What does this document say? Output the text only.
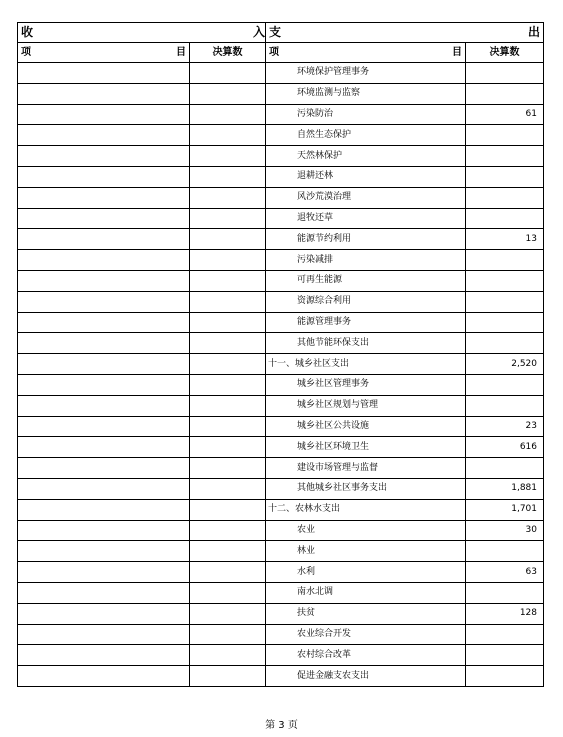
收 入		支 出	

项 目	决算数	项 目	决算数
		环境保护管理事务	
		环境监测与监察	
		污染防治	61
		自然生态保护	
		天然林保护	
		退耕还林	
		风沙荒漠治理	
		退牧还草	
		能源节约利用	13
		污染减排	
		可再生能源	
		资源综合利用	
		能源管理事务	
		其他节能环保支出	
		十一、城乡社区支出	2,520
		城乡社区管理事务	
		城乡社区规划与管理	
		城乡社区公共设施	23
		城乡社区环境卫生	616
		建设市场管理与监督	
		其他城乡社区事务支出	1,881
		十二、农林水支出	1,701
		农业	30
		林业	
		水利	63
		南水北调	
		扶贫	128
		农业综合开发	
		农村综合改革	
		促进金融支农支出	
第 3 页
